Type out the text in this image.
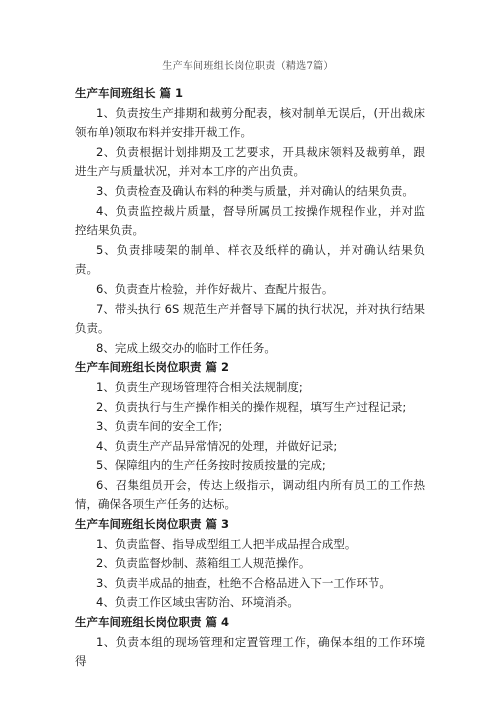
生产车间班组长岗位职责（精选7篇）

生产车间班组长 篇 1

1、负责按生产排期和裁剪分配表，核对制单无误后，(开出裁床领布单)领取布料并安排开裁工作。

2、负责根据计划排期及工艺要求，开具裁床领料及裁剪单，跟进生产与质量状况，并对本工序的产出负责。

3、负责检查及确认布料的种类与质量，并对确认的结果负责。

4、负责监控裁片质量，督导所属员工按操作规程作业，并对监控结果负责。

5、负责排唛架的制单、样衣及纸样的确认，并对确认结果负责。

6、负责查片检验，并作好裁片、查配片报告。

7、带头执行 6S 规范生产并督导下属的执行状况，并对执行结果负责。

8、完成上级交办的临时工作任务。

生产车间班组长岗位职责 篇 2

1、负责生产现场管理符合相关法规制度;

2、负责执行与生产操作相关的操作规程，填写生产过程记录;

3、负责车间的安全工作;

4、负责生产产品异常情况的处理，并做好记录;

5、保障组内的生产任务按时按质按量的完成;

6、召集组员开会，传达上级指示，调动组内所有员工的工作热情，确保各项生产任务的达标。

生产车间班组长岗位职责 篇 3

1、负责监督、指导成型组工人把半成品捏合成型。

2、负责监督炒制、蒸箱组工人规范操作。

3、负责半成品的抽查，杜绝不合格品进入下一工作环节。

4、负责工作区域虫害防治、环境消杀。

生产车间班组长岗位职责 篇 4

1、负责本组的现场管理和定置管理工作，确保本组的工作环境得
